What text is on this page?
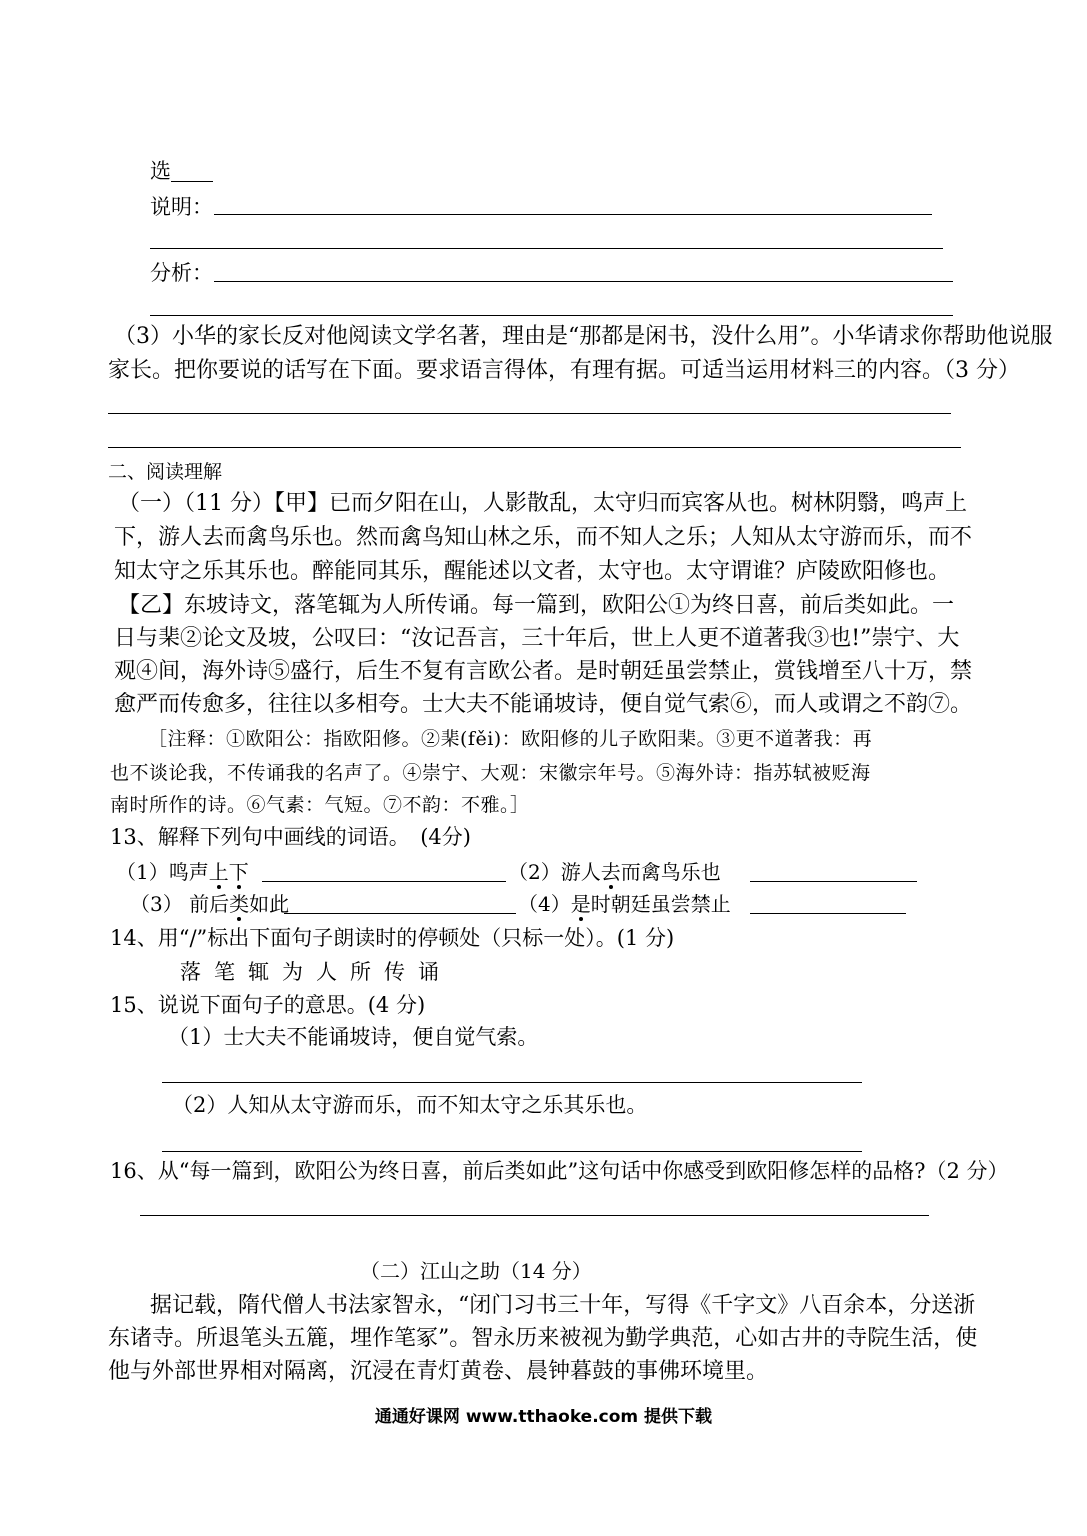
选
说明：
分析：
（3）小华的家长反对他阅读文学名著，理由是“那都是闲书，没什么用”。小华请求你帮助他说服
家长。把你要说的话写在下面。要求语言得体，有理有据。可适当运用材料三的内容。（3 分）
二、阅读理解
（一）（11 分）【甲】已而夕阳在山，人影散乱，太守归而宾客从也。树林阴翳，鸣声上
下，游人去而禽鸟乐也。然而禽鸟知山林之乐，而不知人之乐；人知从太守游而乐，而不
知太守之乐其乐也。醉能同其乐，醒能述以文者，太守也。太守谓谁？庐陵欧阳修也。
【乙】东坡诗文，落笔辄为人所传诵。每一篇到，欧阳公①为终日喜，前后类如此。一
日与棐②论文及坡，公叹曰：“汝记吾言，三十年后，世上人更不道著我③也!”崇宁、大
观④间，海外诗⑤盛行，后生不复有言欧公者。是时朝廷虽尝禁止，赏钱增至八十万，禁
愈严而传愈多，往往以多相夸。士大夫不能诵坡诗，便自觉气索⑥，而人或谓之不韵⑦。
［注释：①欧阳公：指欧阳修。②棐(fěi)：欧阳修的儿子欧阳棐。③更不道著我：再
也不谈论我，不传诵我的名声了。④崇宁、大观：宋徽宗年号。⑤海外诗：指苏轼被贬海
南时所作的诗。⑥气素：气短。⑦不韵：不雅。］
13、解释下列句中画线的词语。　(4分)
（1）鸣声上下	（2）游人去而禽鸟乐也
（3） 前后类如此	（4）是时朝廷虽尝禁止
14、用“/”标出下面句子朗读时的停顿处（只标一处）。(1 分)
落笔辄为人所传诵
15、说说下面句子的意思。(4 分)
（1）士大夫不能诵坡诗，便自觉气索。
（2）人知从太守游而乐，而不知太守之乐其乐也。
16、从“每一篇到，欧阳公为终日喜，前后类如此”这句话中你感受到欧阳修怎样的品格?（2 分）
（二）江山之助（14 分）
据记载，隋代僧人书法家智永，“闭门习书三十年，写得《千字文》八百余本，分送浙
东诸寺。所退笔头五簏，埋作笔冢”。智永历来被视为勤学典范，心如古井的寺院生活，使
他与外部世界相对隔离，沉浸在青灯黄卷、晨钟暮鼓的事佛环境里。
通通好课网 www.tthaoke.com 提供下载
